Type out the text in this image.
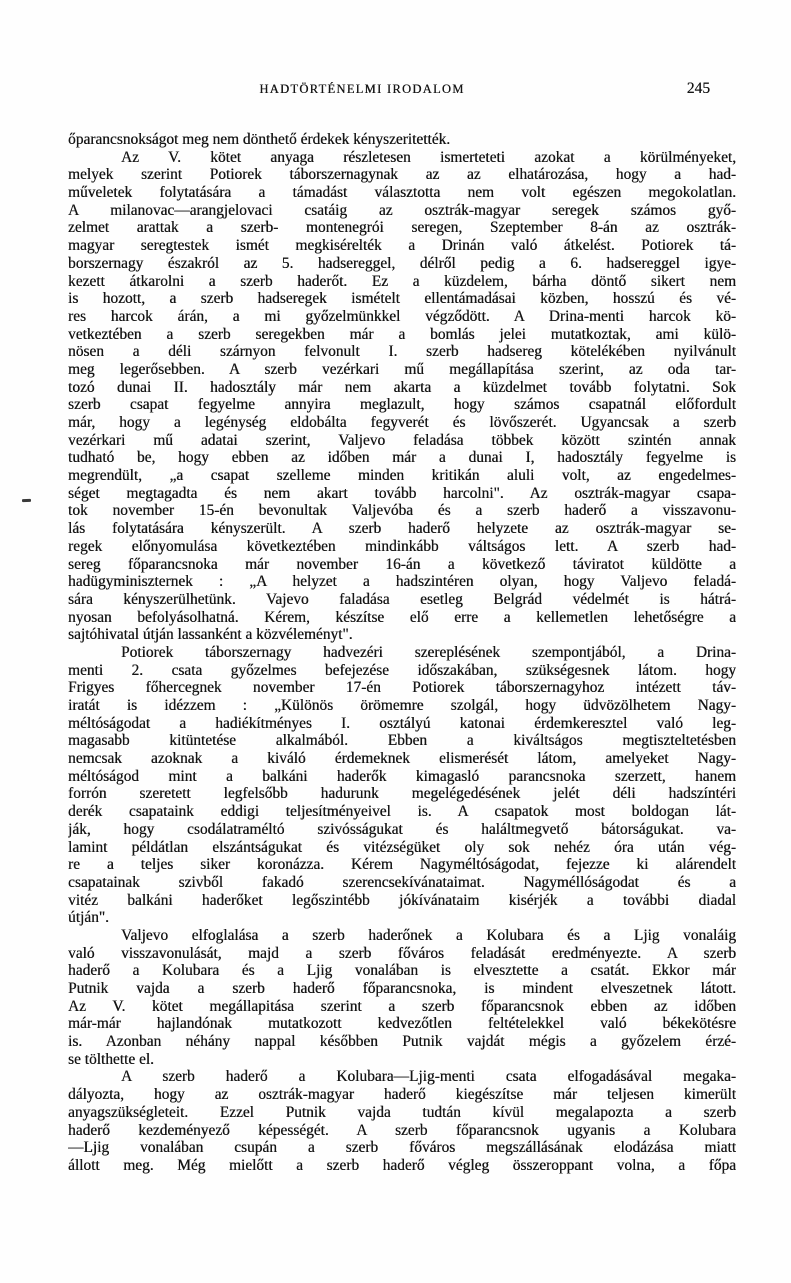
HADTÖRTÉNELMI IRODALOM	245
őparancsnokságot meg nem dönthető érdekek kényszeritették.
Az V. kötet anyaga részletesen ismerteteti azokat a körülményeket,
melyek szerint Potiorek táborszernagynak az az elhatározása, hogy a had-
műveletek folytatására a támadást választotta nem volt egészen megokolatlan.
A milanovac—arangjelovaci csatáig az osztrák-magyar seregek számos győ-
zelmet arattak a szerb- montenegrói seregen, Szeptember 8-án az osztrák-
magyar seregtestek ismét megkisérelték a Drinán való átkelést. Potiorek tá-
borszernagy északról az 5. hadsereggel, délről pedig a 6. hadsereggel igye-
kezett átkarolni a szerb haderőt. Ez a küzdelem, bárha döntő sikert nem
is hozott, a szerb hadseregek ismételt ellentámadásai közben, hosszú és vé-
res harcok árán, a mi győzelmünkkel végződött. A Drina-menti harcok kö-
vetkeztében a szerb seregekben már a bomlás jelei mutatkoztak, ami külö-
nösen a déli szárnyon felvonult I. szerb hadsereg kötelékében nyilvánult
meg legerősebben. A szerb vezérkari mű megállapítása szerint, az oda tar-
tozó dunai II. hadosztály már nem akarta a küzdelmet tovább folytatni. Sok
szerb csapat fegyelme annyira meglazult, hogy számos csapatnál előfordult
már, hogy a legénység eldobálta fegyverét és lövőszerét. Ugyancsak a szerb
vezérkari mű adatai szerint, Valjevo feladása többek között szintén annak
tudható be, hogy ebben az időben már a dunai I, hadosztály fegyelme is
megrendült, „a csapat szelleme minden kritikán aluli volt, az engedelmes-
séget megtagadta és nem akart tovább harcolni". Az osztrák-magyar csapa-
tok november 15-én bevonultak Valjevóba és a szerb haderő a visszavonu-
lás folytatására kényszerült. A szerb haderő helyzete az osztrák-magyar se-
regek előnyomulása következtében mindinkább váltságos lett. A szerb had-
sereg főparancsnoka már november 16-án a következő táviratot küldötte a
hadügyminiszternek : „A helyzet a hadszintéren olyan, hogy Valjevo feladá-
sára kényszerülhetünk. Vajevo faladása esetleg Belgrád védelmét is hátrá-
nyosan befolyásolhatná. Kérem, készítse elő erre a kellemetlen lehetőségre a
sajtóhivatal útján lassanként a közvéleményt".
Potiorek táborszernagy hadvezéri szereplésének szempontjából, a Drina-
menti 2. csata győzelmes befejezése időszakában, szükségesnek látom. hogy
Frigyes főhercegnek november 17-én Potiorek táborszernagyhoz intézett táv-
iratát is idézzem : „Különös örömemre szolgál, hogy üdvözölhetem Nagy-
méltóságodat a hadiékítményes I. osztályú katonai érdemkeresztel való leg-
magasabb kitüntetése alkalmából. Ebben a kiváltságos megtiszteltetésben
nemcsak azoknak a kiváló érdemeknek elismerését látom, amelyeket Nagy-
méltóságod mint a balkáni haderők kimagasló parancsnoka szerzett, hanem
forrón szeretett legfelsőbb hadurunk megelégedésének jelét déli hadszíntéri
derék csapataink eddigi teljesítményeivel is. A csapatok most boldogan lát-
ják, hogy csodálatraméltó szivósságukat és haláltmegvető bátorságukat. va-
lamint példátlan elszántságukat és vitézségüket oly sok nehéz óra után vég-
re a teljes siker koronázza. Kérem Nagyméltóságodat, fejezze ki alárendelt
csapatainak szivből fakadó szerencsekívánataimat. Nagyméllóságodat és a
vitéz balkáni haderőket legőszintébb jókívánataim kisérjék a további diadal
útján".
Valjevo elfoglalása a szerb haderőnek a Kolubara és a Ljig vonaláig
való visszavonulását, majd a szerb főváros feladását eredményezte. A szerb
haderő a Kolubara és a Ljig vonalában is elvesztette a csatát. Ekkor már
Putnik vajda a szerb haderő főparancsnoka, is mindent elveszetnek látott.
Az V. kötet megállapitása szerint a szerb főparancsnok ebben az időben
már-már hajlandónak mutatkozott kedvezőtlen feltételekkel való békekötésre
is. Azonban néhány nappal későbben Putnik vajdát mégis a győzelem érzé-
se tölthette el.
A szerb haderő a Kolubara—Ljig-menti csata elfogadásával megaka-
dályozta, hogy az osztrák-magyar haderő kiegészítse már teljesen kimerült
anyagszükségleteit. Ezzel Putnik vajda tudtán kívül megalapozta a szerb
haderő kezdeményező képességét. A szerb főparancsnok ugyanis a Kolubara
—Ljig vonalában csupán a szerb főváros megszállásának elodázása miatt
állott meg. Még mielőtt a szerb haderő végleg összeroppant volna, a főpa
